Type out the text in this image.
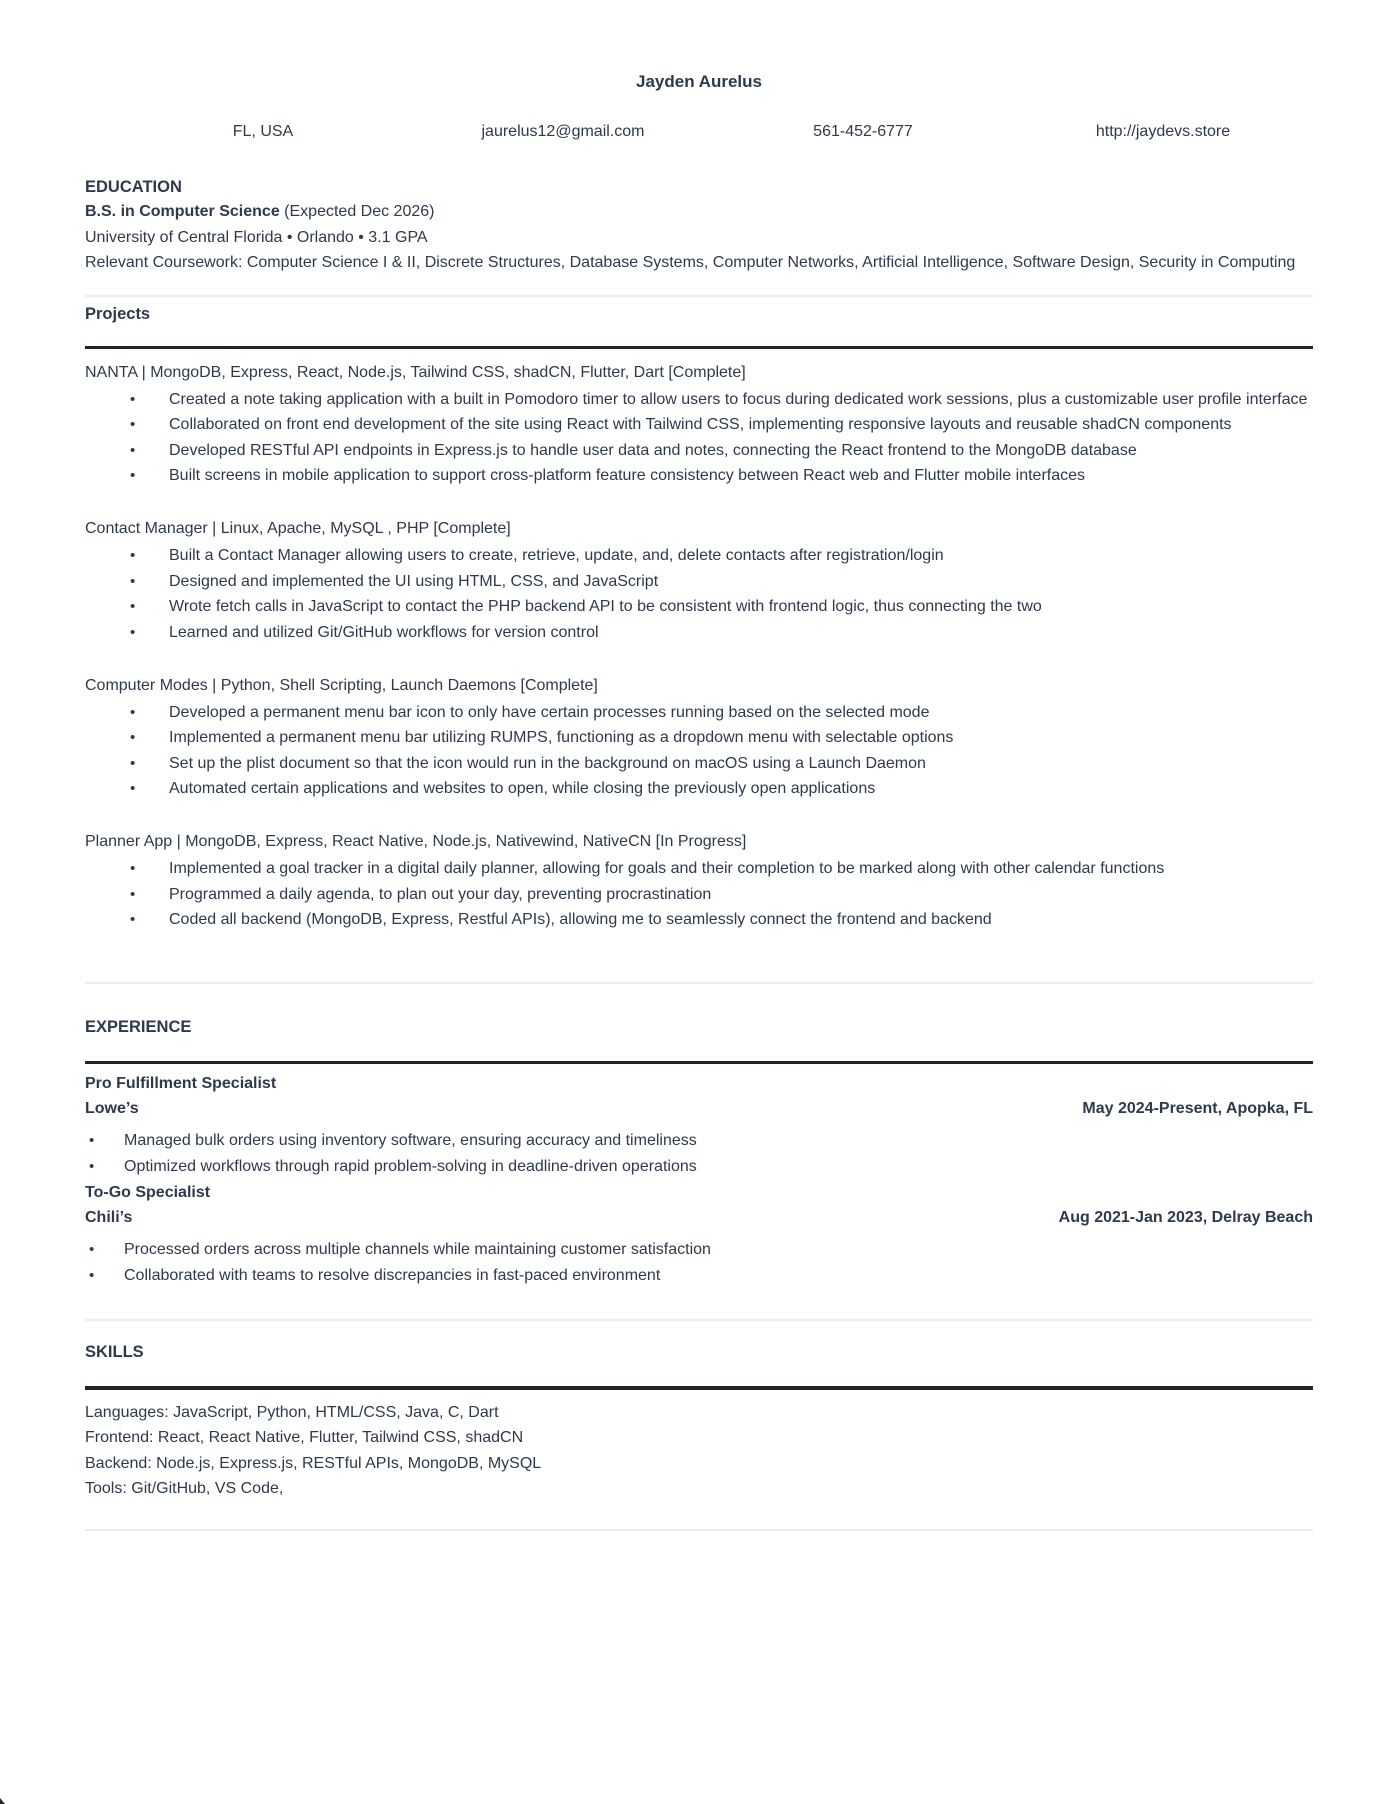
Jayden Aurelus
FL, USA	jaurelus12@gmail.com	561-452-6777	http://jaydevs.store
EDUCATION

B.S. in Computer Science (Expected Dec 2026)

University of Central Florida • Orlando • 3.1 GPA

Relevant Coursework: Computer Science I & II, Discrete Structures, Database Systems, Computer Networks, Artificial Intelligence, Software Design, Security in Computing

Projects

NANTA | MongoDB, Express, React, Node.js, Tailwind CSS, shadCN, Flutter, Dart [Complete]

• Created a note taking application with a built in Pomodoro timer to allow users to focus during dedicated work sessions, plus a customizable user profile interface
• Collaborated on front end development of the site using React with Tailwind CSS, implementing responsive layouts and reusable shadCN components
• Developed RESTful API endpoints in Express.js to handle user data and notes, connecting the React frontend to the MongoDB database
• Built screens in mobile application to support cross-platform feature consistency between React web and Flutter mobile interfaces

Contact Manager | Linux, Apache, MySQL , PHP [Complete]

• Built a Contact Manager allowing users to create, retrieve, update, and, delete contacts after registration/login
• Designed and implemented the UI using HTML, CSS, and JavaScript
• Wrote fetch calls in JavaScript to contact the PHP backend API to be consistent with frontend logic, thus connecting the two
• Learned and utilized Git/GitHub workflows for version control

Computer Modes | Python, Shell Scripting, Launch Daemons [Complete]

• Developed a permanent menu bar icon to only have certain processes running based on the selected mode
• Implemented a permanent menu bar utilizing RUMPS, functioning as a dropdown menu with selectable options
• Set up the plist document so that the icon would run in the background on macOS using a Launch Daemon
• Automated certain applications and websites to open, while closing the previously open applications

Planner App | MongoDB, Express, React Native, Node.js, Nativewind, NativeCN [In Progress]

• Implemented a goal tracker in a digital daily planner, allowing for goals and their completion to be marked along with other calendar functions
• Programmed a daily agenda, to plan out your day, preventing procrastination
• Coded all backend (MongoDB, Express, Restful APIs), allowing me to seamlessly connect the frontend and backend
EXPERIENCE

Pro Fulfillment Specialist

Lowe’s	May 2024-Present, Apopka, FL
• Managed bulk orders using inventory software, ensuring accuracy and timeliness
• Optimized workflows through rapid problem-solving in deadline-driven operations

To-Go Specialist

Chili’s	Aug 2021-Jan 2023, Delray Beach
• Processed orders across multiple channels while maintaining customer satisfaction
• Collaborated with teams to resolve discrepancies in fast-paced environment
SKILLS

Languages: JavaScript, Python, HTML/CSS, Java, C, Dart

Frontend: React, React Native, Flutter, Tailwind CSS, shadCN

Backend: Node.js, Express.js, RESTful APIs, MongoDB, MySQL

Tools: Git/GitHub, VS Code,
